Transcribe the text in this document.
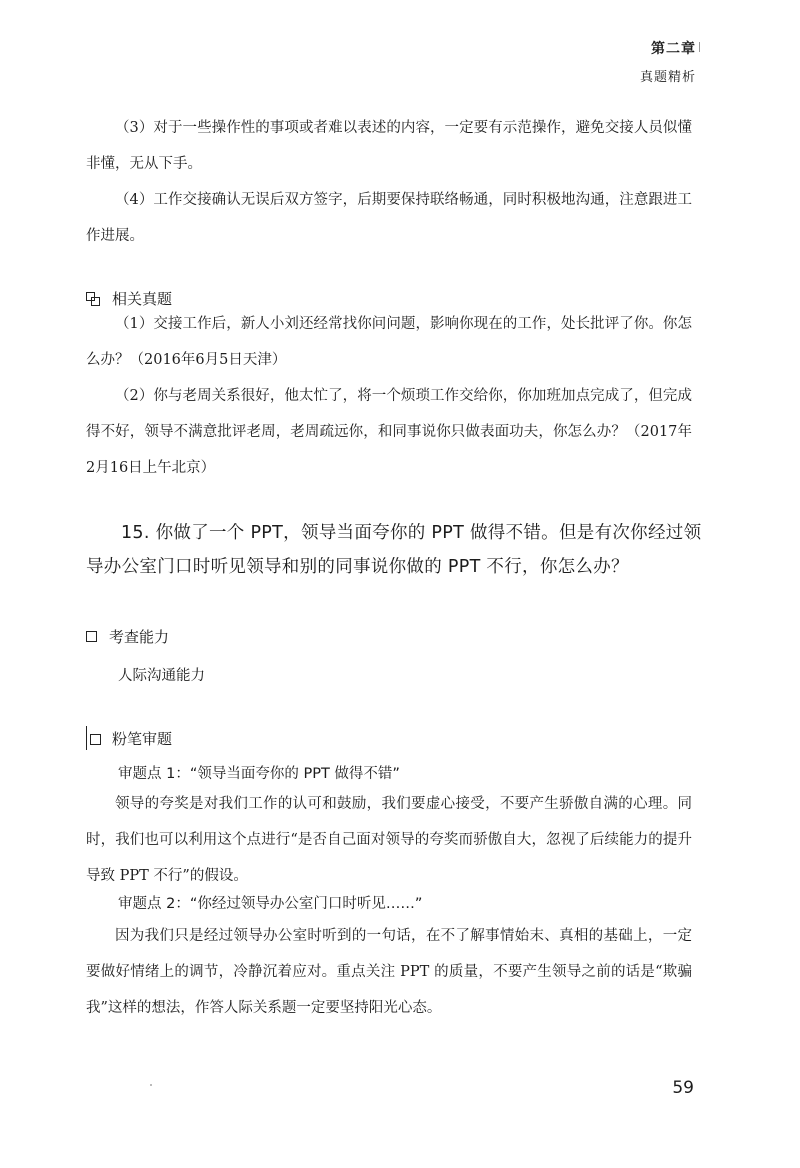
第二章
真题精析

（3）对于一些操作性的事项或者难以表述的内容，一定要有示范操作，避免交接人员似懂非懂，无从下手。

（4）工作交接确认无误后双方签字，后期要保持联络畅通，同时积极地沟通，注意跟进工作进展。

相关真题

（1）交接工作后，新人小刘还经常找你问问题，影响你现在的工作，处长批评了你。你怎么办？（2016年6月5日天津）

（2）你与老周关系很好，他太忙了，将一个烦琐工作交给你，你加班加点完成了，但完成得不好，领导不满意批评老周，老周疏远你，和同事说你只做表面功夫，你怎么办？（2017年2月16日上午北京）

15. 你做了一个 PPT，领导当面夸你的 PPT 做得不错。但是有次你经过领导办公室门口时听见领导和别的同事说你做的 PPT 不行，你怎么办？

考查能力
人际沟通能力
粉笔审题
审题点 1：“领导当面夸你的 PPT 做得不错”

领导的夸奖是对我们工作的认可和鼓励，我们要虚心接受，不要产生骄傲自满的心理。同时，我们也可以利用这个点进行“是否自己面对领导的夸奖而骄傲自大，忽视了后续能力的提升导致 PPT 不行”的假设。

审题点 2：“你经过领导办公室门口时听见……”

因为我们只是经过领导办公室时听到的一句话，在不了解事情始末、真相的基础上，一定要做好情绪上的调节，冷静沉着应对。重点关注 PPT 的质量，不要产生领导之前的话是“欺骗我”这样的想法，作答人际关系题一定要坚持阳光心态。

59
